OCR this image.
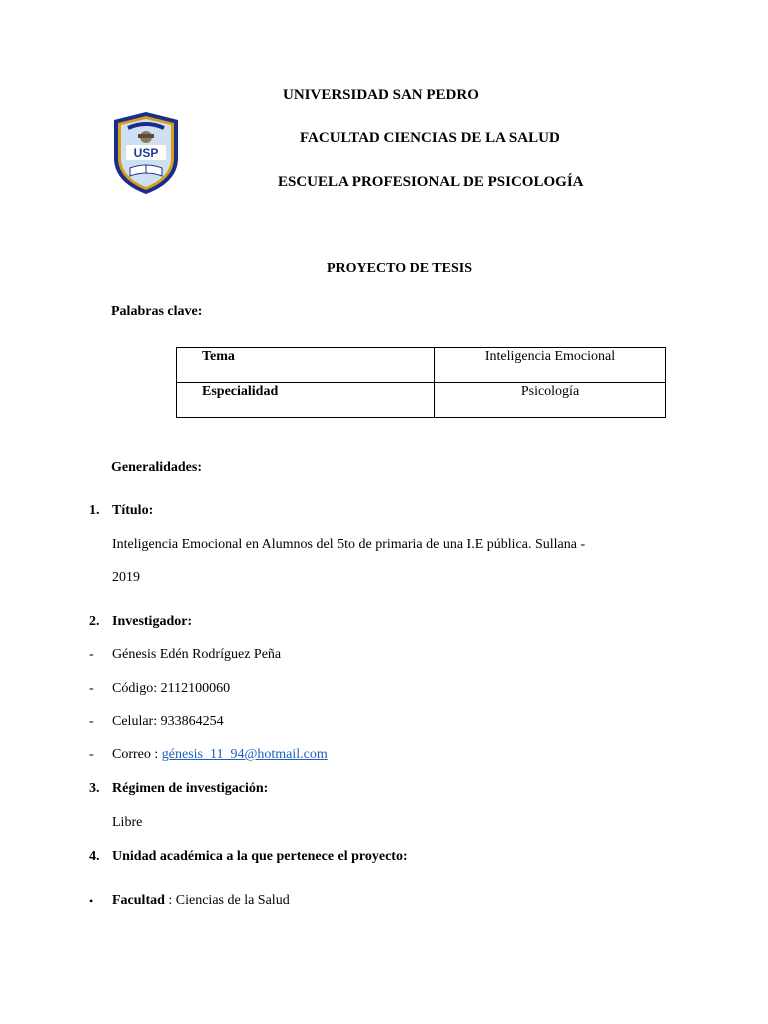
USP
UNIVERSIDAD SAN PEDRO
FACULTAD CIENCIAS DE LA SALUD
ESCUELA PROFESIONAL DE PSICOLOGÍA
PROYECTO DE TESIS
Palabras clave:
Tema	Inteligencia Emocional
Especialidad	Psicología
Generalidades:
1. Título:
Inteligencia Emocional en Alumnos del 5to de primaria de una I.E pública. Sullana -
2019
2. Investigador:
- Génesis Edén Rodríguez Peña
- Código: 2112100060
- Celular: 933864254
- Correo : génesis_11_94@hotmail.com
3. Régimen de investigación:
Libre
4. Unidad académica a la que pertenece el proyecto:
• Facultad : Ciencias de la Salud
